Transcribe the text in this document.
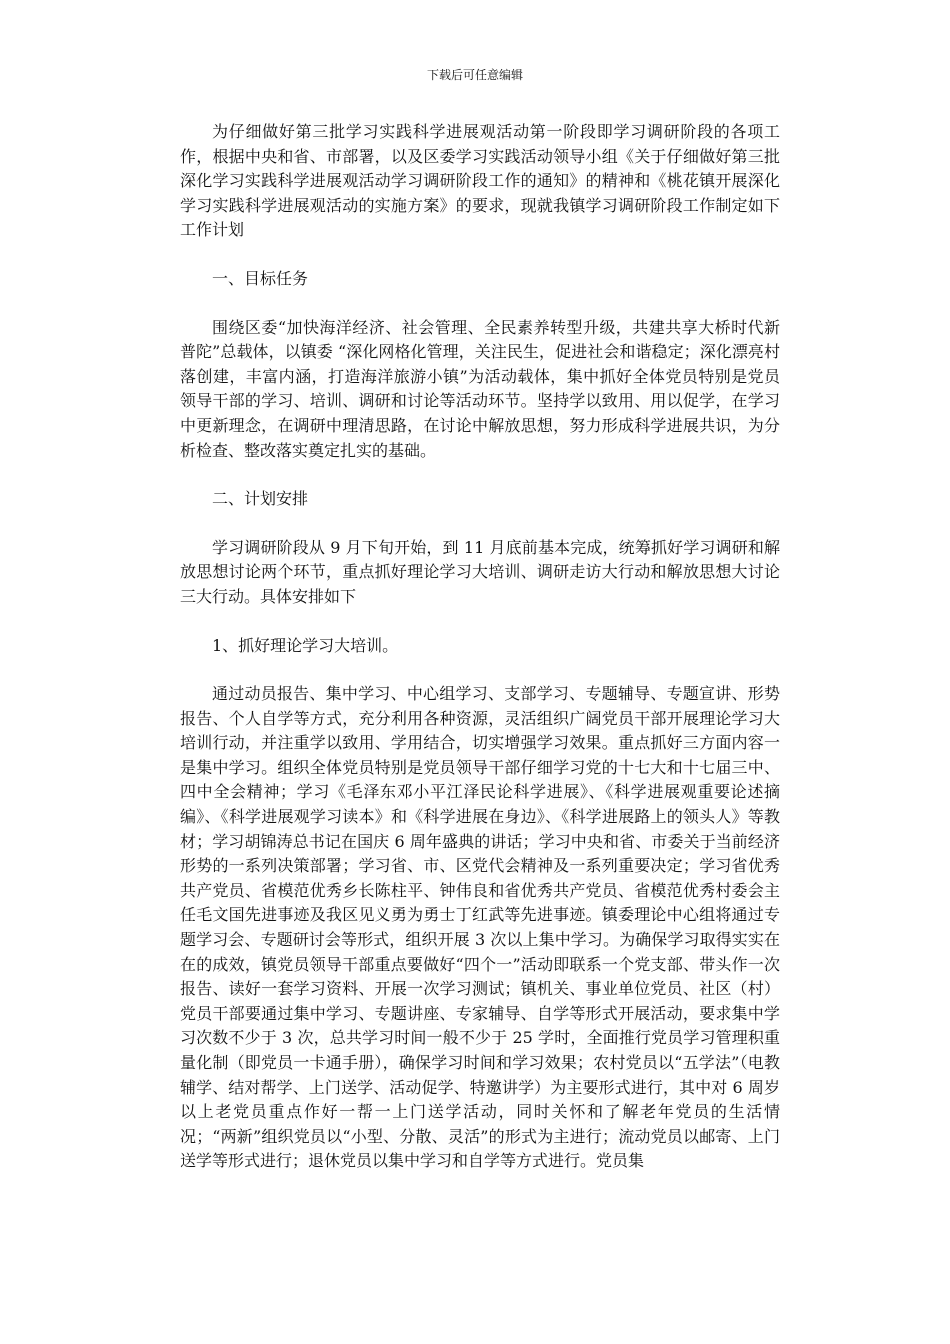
下载后可任意编辑

为仔细做好第三批学习实践科学进展观活动第一阶段即学习调研阶段的各项工作，根据中央和省、市部署，以及区委学习实践活动领导小组《关于仔细做好第三批深化学习实践科学进展观活动学习调研阶段工作的通知》的精神和《桃花镇开展深化学习实践科学进展观活动的实施方案》的要求，现就我镇学习调研阶段工作制定如下工作计划

一、目标任务

围绕区委“加快海洋经济、社会管理、全民素养转型升级，共建共享大桥时代新普陀”总载体，以镇委 “深化网格化管理，关注民生，促进社会和谐稳定；深化漂亮村落创建，丰富内涵，打造海洋旅游小镇”为活动载体，集中抓好全体党员特别是党员领导干部的学习、培训、调研和讨论等活动环节。坚持学以致用、用以促学，在学习中更新理念，在调研中理清思路，在讨论中解放思想，努力形成科学进展共识，为分析检查、整改落实奠定扎实的基础。

二、计划安排

学习调研阶段从 9 月下旬开始，到 11 月底前基本完成，统筹抓好学习调研和解放思想讨论两个环节，重点抓好理论学习大培训、调研走访大行动和解放思想大讨论三大行动。具体安排如下

1、抓好理论学习大培训。

通过动员报告、集中学习、中心组学习、支部学习、专题辅导、专题宣讲、形势报告、个人自学等方式，充分利用各种资源，灵活组织广阔党员干部开展理论学习大培训行动，并注重学以致用、学用结合，切实增强学习效果。重点抓好三方面内容一是集中学习。组织全体党员特别是党员领导干部仔细学习党的十七大和十七届三中、四中全会精神；学习《毛泽东邓小平江泽民论科学进展》、《科学进展观重要论述摘编》、《科学进展观学习读本》和《科学进展在身边》、《科学进展路上的领头人》等教材；学习胡锦涛总书记在国庆 6 周年盛典的讲话；学习中央和省、市委关于当前经济形势的一系列决策部署；学习省、市、区党代会精神及一系列重要决定；学习省优秀共产党员、省模范优秀乡长陈柱平、钟伟良和省优秀共产党员、省模范优秀村委会主任毛文国先进事迹及我区见义勇为勇士丁红武等先进事迹。镇委理论中心组将通过专题学习会、专题研讨会等形式，组织开展 3 次以上集中学习。为确保学习取得实实在在的成效，镇党员领导干部重点要做好“四个一”活动即联系一个党支部、带头作一次报告、读好一套学习资料、开展一次学习测试；镇机关、事业单位党员、社区（村）党员干部要通过集中学习、专题讲座、专家辅导、自学等形式开展活动，要求集中学习次数不少于 3 次，总共学习时间一般不少于 25 学时，全面推行党员学习管理积重量化制（即党员一卡通手册），确保学习时间和学习效果；农村党员以“五学法”（电教辅学、结对帮学、上门送学、活动促学、特邀讲学）为主要形式进行，其中对 6 周岁以上老党员重点作好一帮一上门送学活动，同时关怀和了解老年党员的生活情况；“两新”组织党员以“小型、分散、灵活”的形式为主进行；流动党员以邮寄、上门送学等形式进行；退休党员以集中学习和自学等方式进行。党员集
